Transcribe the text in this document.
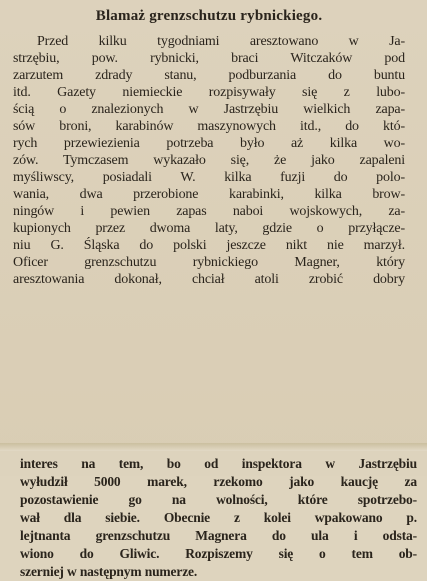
Blamaż grenzschutzu rybnickiego.
Przed kilku tygodniami aresztowano w Ja-
strzębiu, pow. rybnicki, braci Witczaków pod
zarzutem zdrady stanu, podburzania do buntu
itd. Gazety niemieckie rozpisywały się z lubo-
ścią o znalezionych w Jastrzębiu wielkich zapa-
sów broni, karabinów maszynowych itd., do któ-
rych przewiezienia potrzeba było aż kilka wo-
zów. Tymczasem wykazało się, że jako zapaleni
myśliwscy, posiadali W. kilka fuzji do polo-
wania, dwa przerobione karabinki, kilka brow-
ningów i pewien zapas naboi wojskowych, za-
kupionych przez dwoma laty, gdzie o przyłącze-
niu G. Śląska do polski jeszcze nikt nie marzył.
Oficer grenzschutzu rybnickiego Magner, który
aresztowania dokonał, chciał atoli zrobić dobry
interes na tem, bo od inspektora w Jastrzębiu
wyłudził 5000 marek, rzekomo jako kaucję za
pozostawienie go na wolności, które spotrzebo-
wał dla siebie. Obecnie z kolei wpakowano p.
lejtnanta grenzschutzu Magnera do ula i odsta-
wiono do Gliwic. Rozpiszemy się o tem ob-
szerniej w następnym numerze.
